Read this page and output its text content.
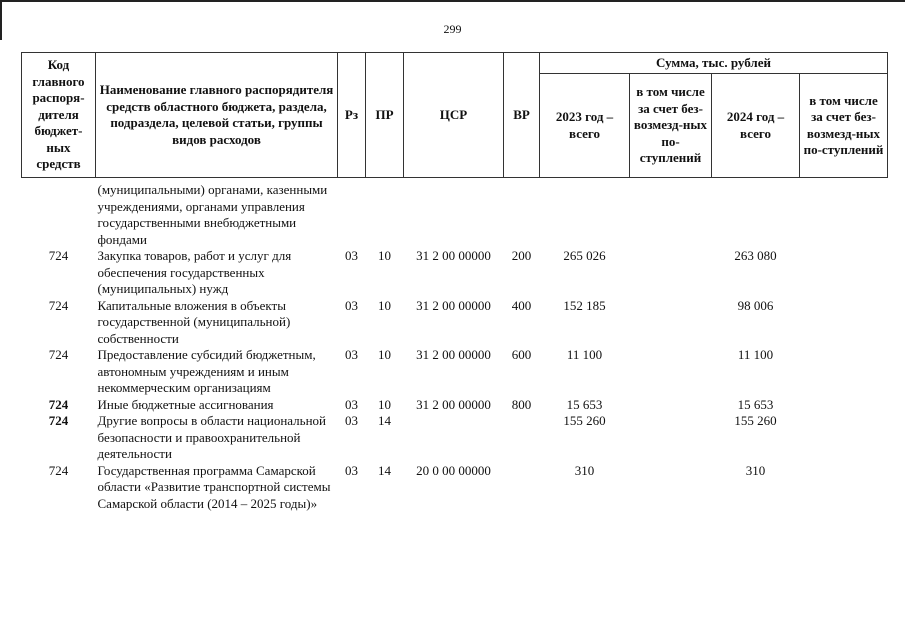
299
Код главного распоря-дителя бюджет-ных средств	Наименование главного распорядителя средств областного бюджета, раздела, подраздела, целевой статьи, группы видов расходов	Рз	ПР	ЦСР	ВР	Сумма, тыс. рублей			
						2023 год – всего	в том числе за счет без-возмезд-ных по-ступлений	2024 год – всего	в том числе за счет без-возмезд-ных по-ступлений

	(муниципальными) органами, казенными учреждениями, органами управления государственными внебюджетными фондами								
724	Закупка товаров, работ и услуг для обеспечения государственных (муниципальных) нужд	03	10	31 2 00 00000	200	265 026		263 080	
724	Капитальные вложения в объекты государственной (муниципальной) собственности	03	10	31 2 00 00000	400	152 185		98 006	
724	Предоставление субсидий бюджетным, автономным учреждениям и иным некоммерческим организациям	03	10	31 2 00 00000	600	11 100		11 100	
724	Иные бюджетные ассигнования	03	10	31 2 00 00000	800	15 653		15 653	
724	Другие вопросы в области национальной безопасности и правоохранительной деятельности	03	14			155 260		155 260	
724	Государственная программа Самарской области «Развитие транспортной системы Самарской области (2014 – 2025 годы)»	03	14	20 0 00 00000		310		310	
